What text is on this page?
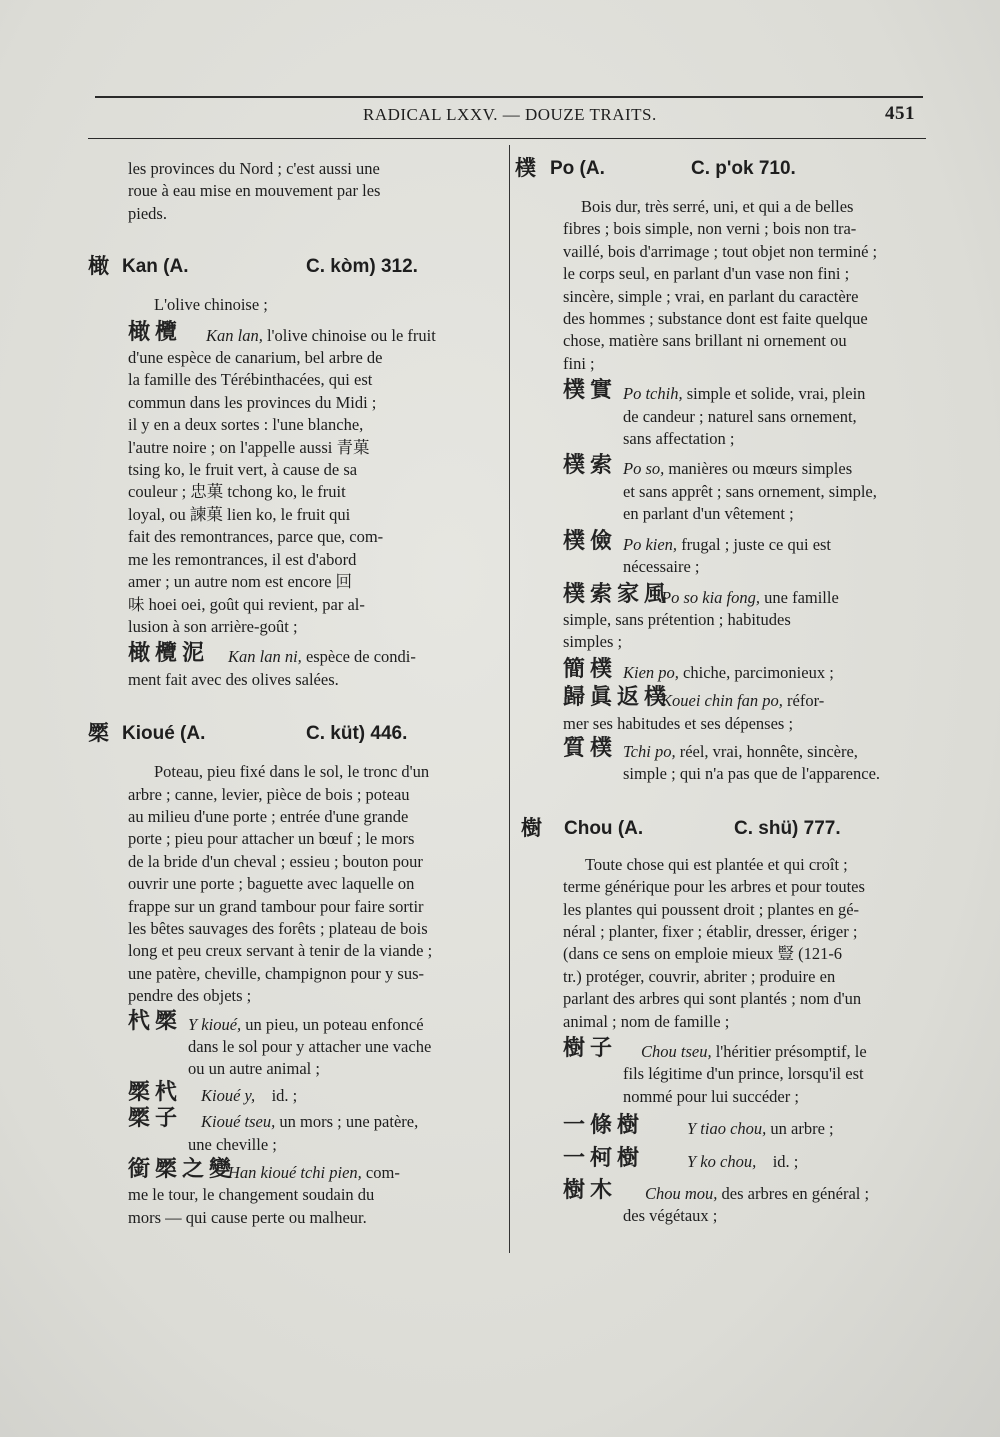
RADICAL LXXV. — DOUZE TRAITS.	451

les provinces du Nord ; c'est aussi une
roue à eau mise en mouvement par les
pieds.

橄 Kan (A.	C. kòm) 312.

L'olive chinoise ;

橄欖	Kan lan, l'olive chinoise ou le fruit
d'une espèce de canarium, bel arbre de
la famille des Térébinthacées, qui est
commun dans les provinces du Midi ;
il y en a deux sortes : l'une blanche,
l'autre noire ; on l'appelle aussi 青菓
tsing ko, le fruit vert, à cause de sa
couleur ; 忠菓 tchong ko, le fruit
loyal, ou 諫菓 lien ko, le fruit qui
fait des remontrances, parce que, com-
me les remontrances, il est d'abord
amer ; un autre nom est encore 回
味 hoei oei, goût qui revient, par al-
lusion à son arrière-goût ;
橄欖泥	Kan lan ni, espèce de condi-
ment fait avec des olives salées.
橜 Kioué (A.	C. küt) 446.

Poteau, pieu fixé dans le sol, le tronc d'un
arbre ; canne, levier, pièce de bois ; poteau
au milieu d'une porte ; entrée d'une grande
porte ; pieu pour attacher un bœuf ; le mors
de la bride d'un cheval ; essieu ; bouton pour
ouvrir une porte ; baguette avec laquelle on
frappe sur un grand tambour pour faire sortir
les bêtes sauvages des forêts ; plateau de bois
long et peu creux servant à tenir de la viande ;
une patère, cheville, champignon pour y sus-
pendre des objets ;

杙橜 Y kioué, un pieu, un poteau enfoncé
dans le sol pour y attacher une vache
ou un autre animal ;
橜杙	Kioué y, id. ;
橜子	Kioué tseu, un mors ; une patère,
une cheville ;
銜橜之變
Han kioué tchi pien, com-
me le tour, le changement soudain du
mors — qui cause perte ou malheur.
樸 Po (A.	C. p'ok 710.

Bois dur, très serré, uni, et qui a de belles
fibres ; bois simple, non verni ; bois non tra-
vaillé, bois d'arrimage ; tout objet non terminé ;
le corps seul, en parlant d'un vase non fini ;
sincère, simple ; vrai, en parlant du caractère
des hommes ; substance dont est faite quelque
chose, matière sans brillant ni ornement ou
fini ;

樸實 Po tchih, simple et solide, vrai, plein
de candeur ; naturel sans ornement,
sans affectation ;
樸索 Po so, manières ou mœurs simples
et sans apprêt ; sans ornement, simple,
en parlant d'un vêtement ;
樸儉 Po kien, frugal ; juste ce qui est
nécessaire ;
樸索家風
Po so kia fong, une famille
simple, sans prétention ; habitudes
simples ;
簡樸 Kien po, chiche, parcimonieux ;
歸眞返樸
Kouei chin fan po, réfor-
mer ses habitudes et ses dépenses ;
質樸 Tchi po, réel, vrai, honnête, sincère,
simple ; qui n'a pas que de l'apparence.
樹 Chou (A.	C. shü) 777.

Toute chose qui est plantée et qui croît ;
terme générique pour les arbres et pour toutes
les plantes qui poussent droit ; plantes en gé-
néral ; planter, fixer ; établir, dresser, ériger ;
(dans ce sens on emploie mieux 豎 (121-6
tr.) protéger, couvrir, abriter ; produire en
parlant des arbres qui sont plantés ; nom d'un
animal ; nom de famille ;

樹子	Chou tseu, l'héritier présomptif, le
fils légitime d'un prince, lorsqu'il est
nommé pour lui succéder ;
一條樹	Y tiao chou, un arbre ;
一柯樹	Y ko chou, id. ;
樹木	Chou mou, des arbres en général ;
des végétaux ;
